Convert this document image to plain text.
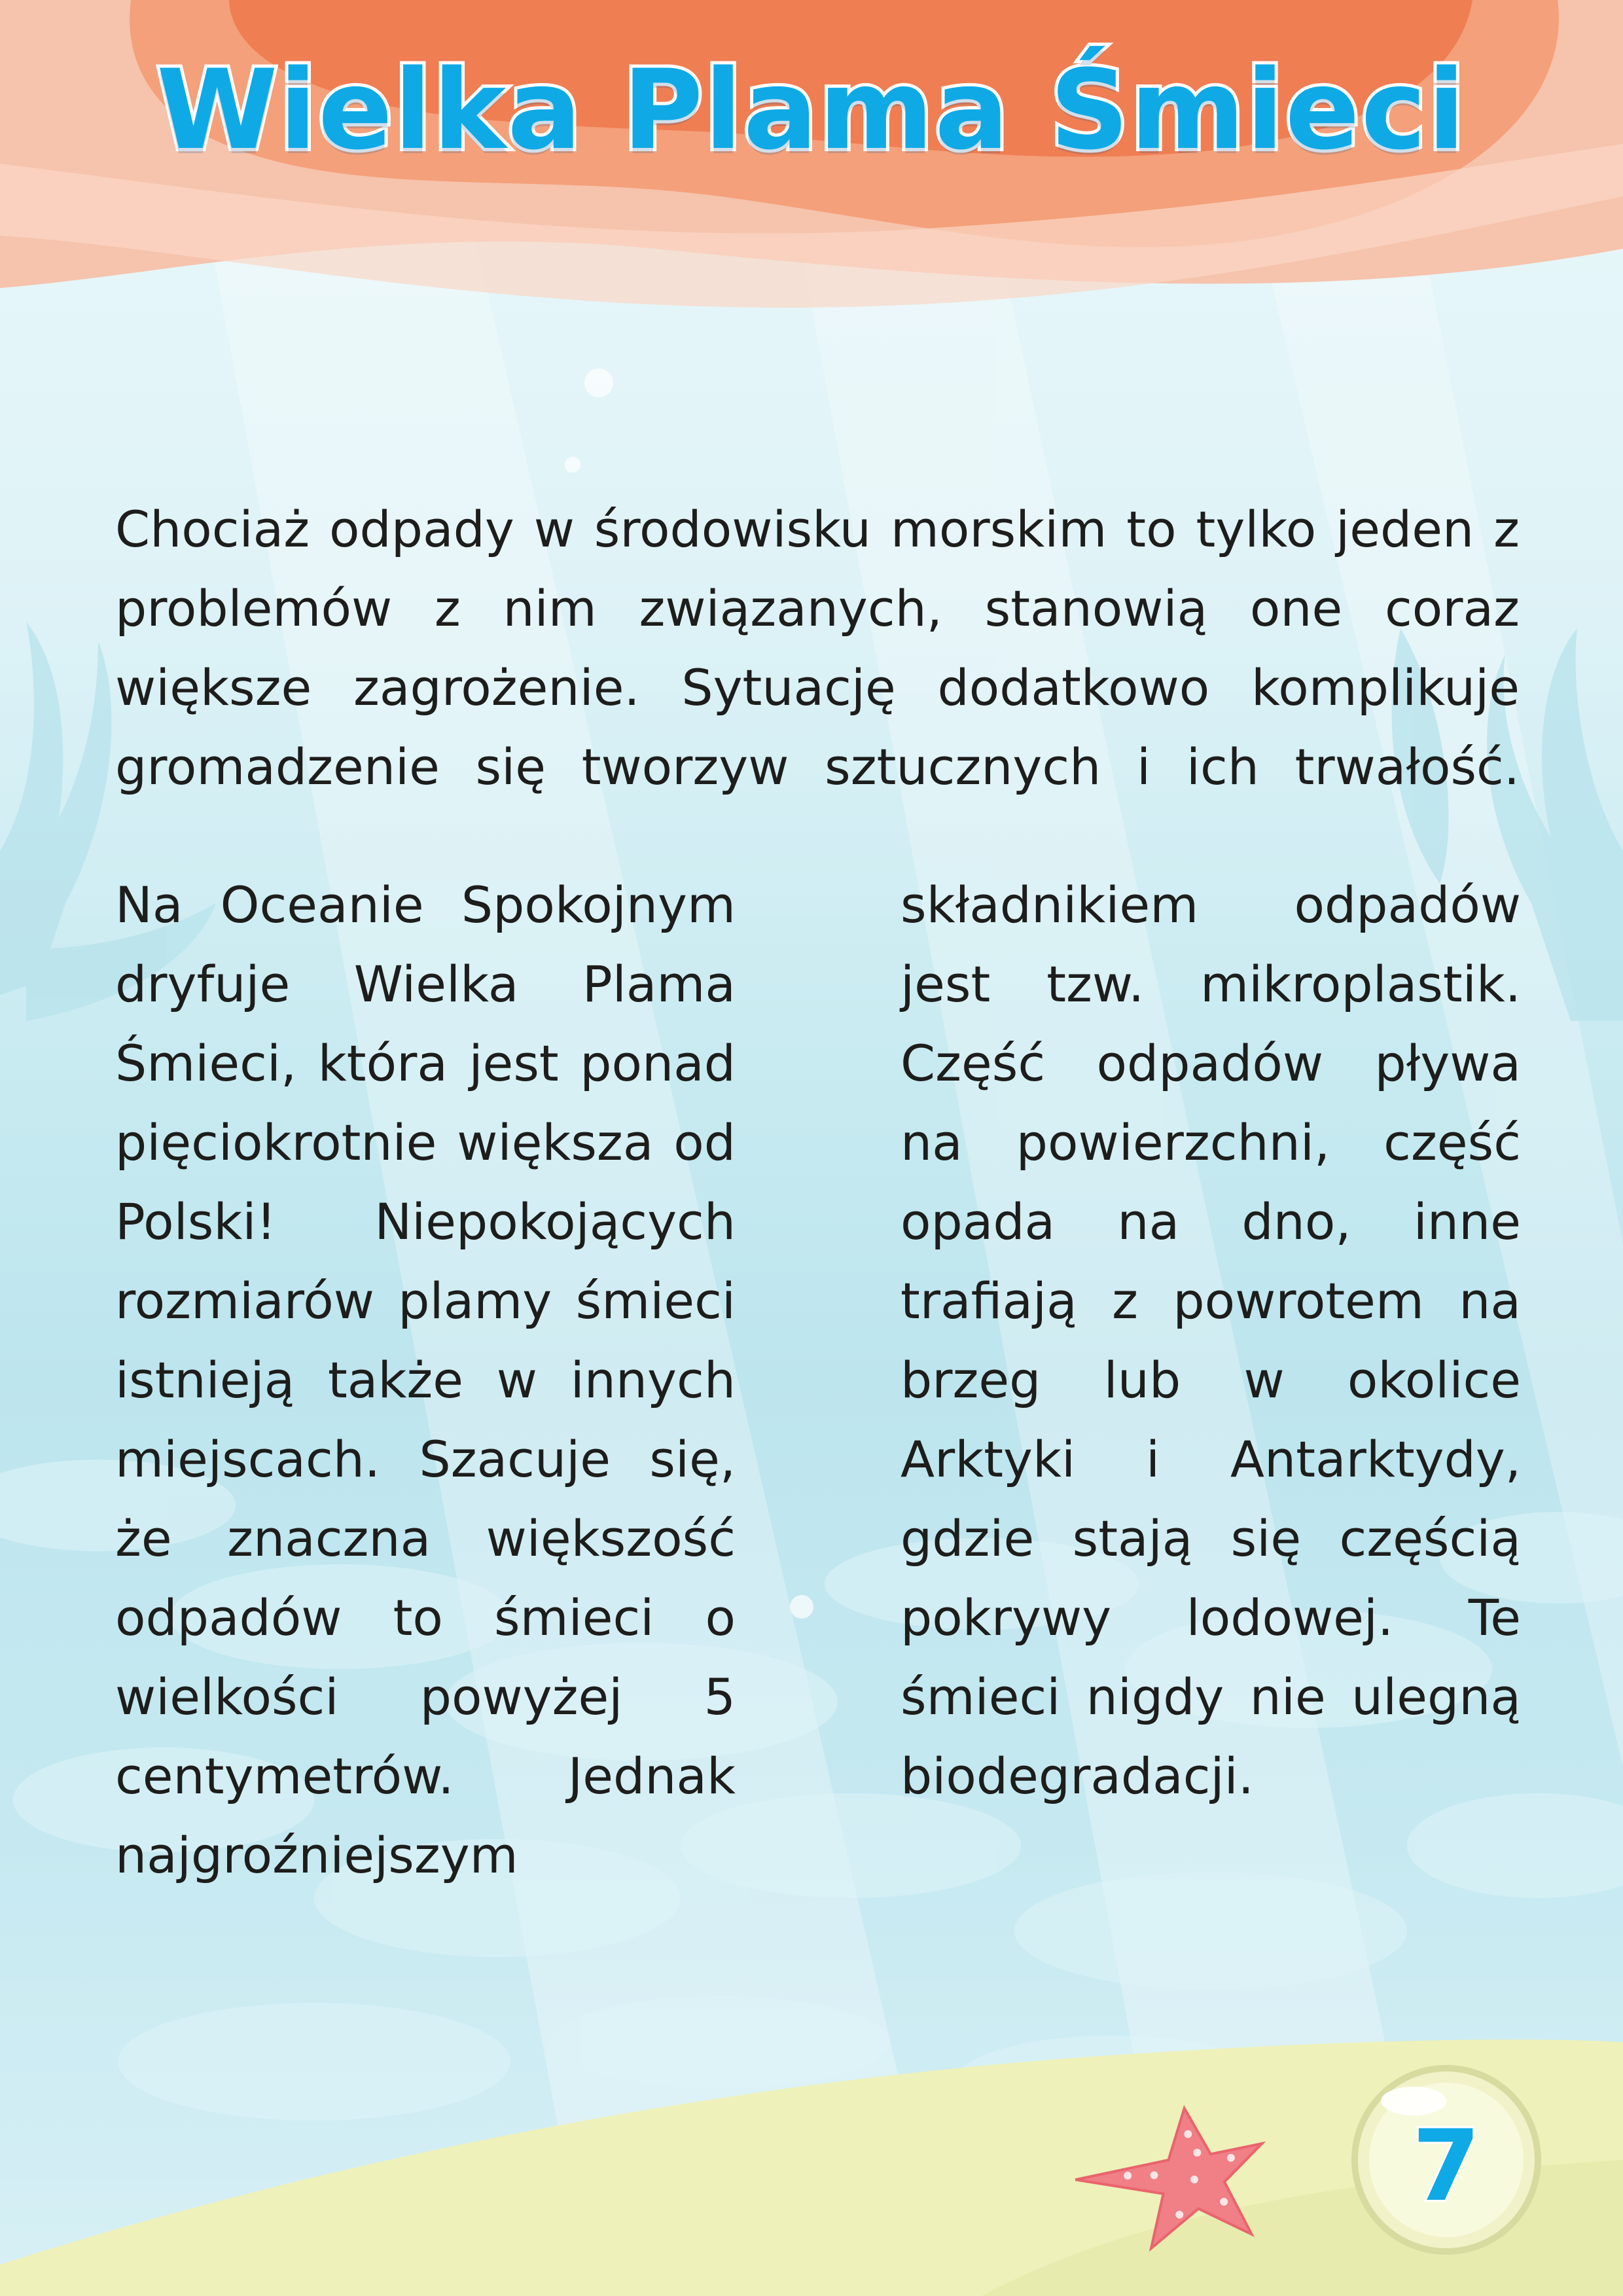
Wielka Plama Śmieci

Chociaż odpady w środowisku morskim to tylko jeden z problemów z nim związanych, stanowią one coraz większe zagrożenie. Sytuację dodatkowo komplikuje gromadzenie się tworzyw sztucznych i ich trwałość.

Na Oceanie Spokojnym dryfuje Wielka Plama Śmieci, która jest ponad pięciokrotnie większa od Polski! Niepokojących rozmiarów plamy śmieci istnieją także w innych miejscach. Szacuje się, że znaczna większość odpadów to śmieci o wielkości powyżej 5 centymetrów. Jednak najgroźniejszym

składnikiem odpadów jest tzw. mikroplastik. Część odpadów pływa na powierzchni, część opada na dno, inne trafiają z powrotem na brzeg lub w okolice Arktyki i Antarktydy, gdzie stają się częścią pokrywy lodowej. Te śmieci nigdy nie ulegną biodegradacji.

7
